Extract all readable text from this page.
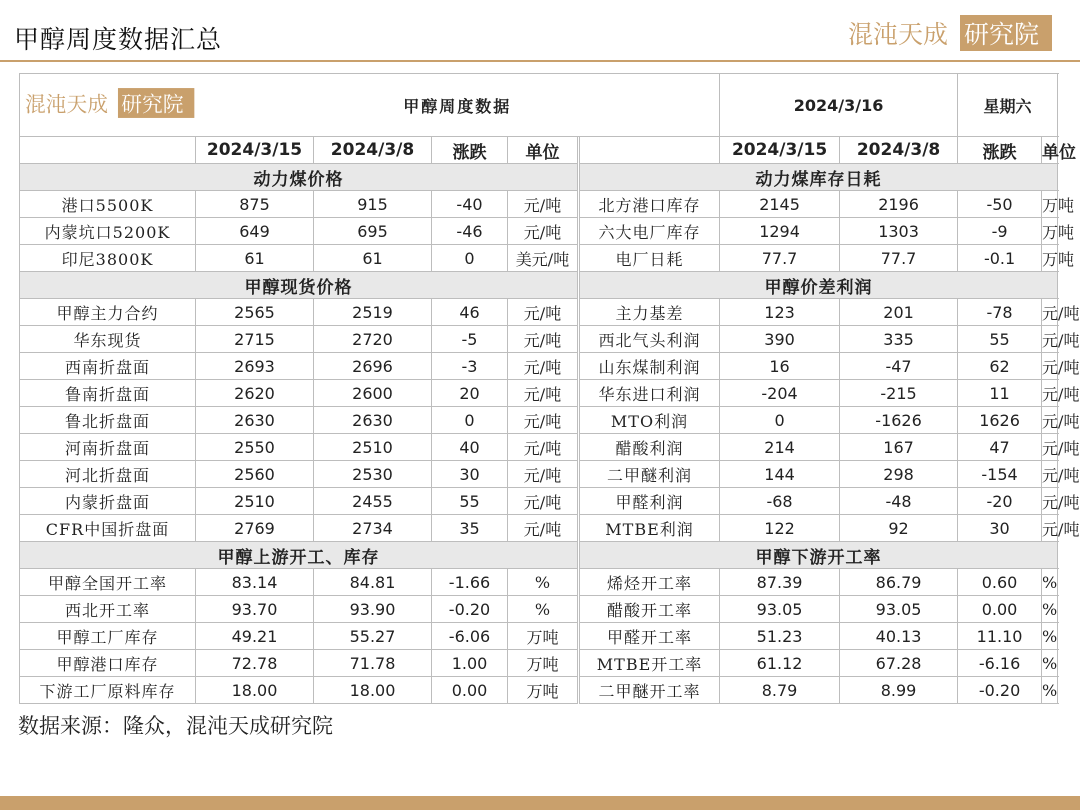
甲醇周度数据汇总	混沌天成 研究院
混沌天成 研究院	甲醇周度数据						2024/3/16		星期六	
	2024/3/15	2024/3/8	涨跌	单位			2024/3/15	2024/3/8	涨跌	单位
动力煤价格						动力煤库存日耗				
港口5500K	875	915	-40	元/吨		北方港口库存	2145	2196	-50	万吨
内蒙坑口5200K	649	695	-46	元/吨		六大电厂库存	1294	1303	-9	万吨
印尼3800K	61	61	0	美元/吨		电厂日耗	77.7	77.7	-0.1	万吨
甲醇现货价格						甲醇价差利润				
甲醇主力合约	2565	2519	46	元/吨		主力基差	123	201	-78	元/吨
华东现货	2715	2720	-5	元/吨		西北气头利润	390	335	55	元/吨
西南折盘面	2693	2696	-3	元/吨		山东煤制利润	16	-47	62	元/吨
鲁南折盘面	2620	2600	20	元/吨		华东进口利润	-204	-215	11	元/吨
鲁北折盘面	2630	2630	0	元/吨		MTO利润	0	-1626	1626	元/吨
河南折盘面	2550	2510	40	元/吨		醋酸利润	214	167	47	元/吨
河北折盘面	2560	2530	30	元/吨		二甲醚利润	144	298	-154	元/吨
内蒙折盘面	2510	2455	55	元/吨		甲醛利润	-68	-48	-20	元/吨
CFR中国折盘面	2769	2734	35	元/吨		MTBE利润	122	92	30	元/吨
甲醇上游开工、库存						甲醇下游开工率				
甲醇全国开工率	83.14	84.81	-1.66	%		烯烃开工率	87.39	86.79	0.60	%
西北开工率	93.70	93.90	-0.20	%		醋酸开工率	93.05	93.05	0.00	%
甲醇工厂库存	49.21	55.27	-6.06	万吨		甲醛开工率	51.23	40.13	11.10	%
甲醇港口库存	72.78	71.78	1.00	万吨		MTBE开工率	61.12	67.28	-6.16	%
下游工厂原料库存	18.00	18.00	0.00	万吨		二甲醚开工率	8.79	8.99	-0.20	%
数据来源：隆众，混沌天成研究院
